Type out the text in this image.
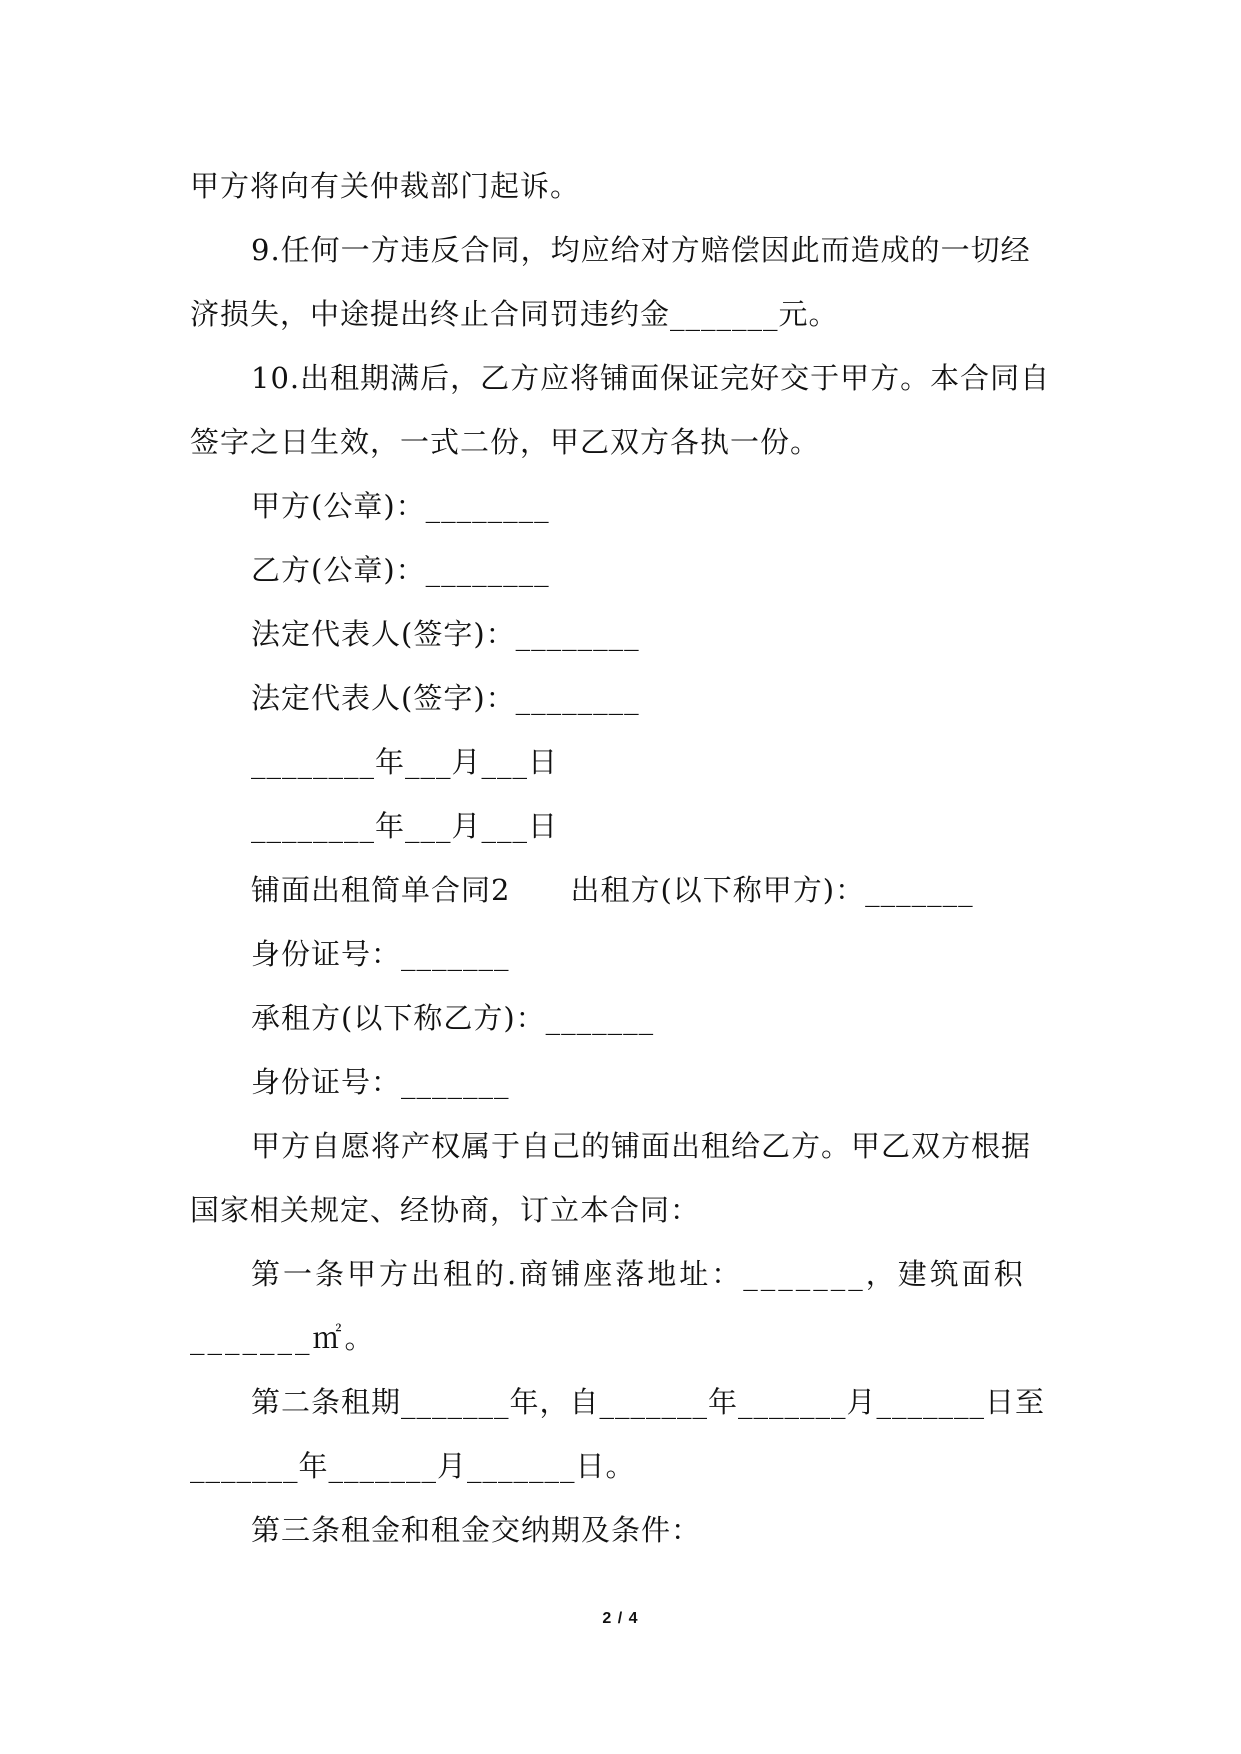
甲方将向有关仲裁部门起诉。

9.任何一方违反合同，均应给对方赔偿因此而造成的一切经济损失，中途提出终止合同罚违约金_______元。

10.出租期满后，乙方应将铺面保证完好交于甲方。本合同自签字之日生效，一式二份，甲乙双方各执一份。

甲方(公章)：________

乙方(公章)：________

法定代表人(签字)：________

法定代表人(签字)：________

________年___月___日

________年___月___日

铺面出租简单合同2　　出租方(以下称甲方)：_______

身份证号：_______

承租方(以下称乙方)：_______

身份证号：_______

甲方自愿将产权属于自己的铺面出租给乙方。甲乙双方根据国家相关规定、经协商，订立本合同：

第一条甲方出租的.商铺座落地址：_______，建筑面积_______㎡。

第二条租期_______年，自_______年_______月_______日至_______年_______月_______日。

第三条租金和租金交纳期及条件：

2 / 4
